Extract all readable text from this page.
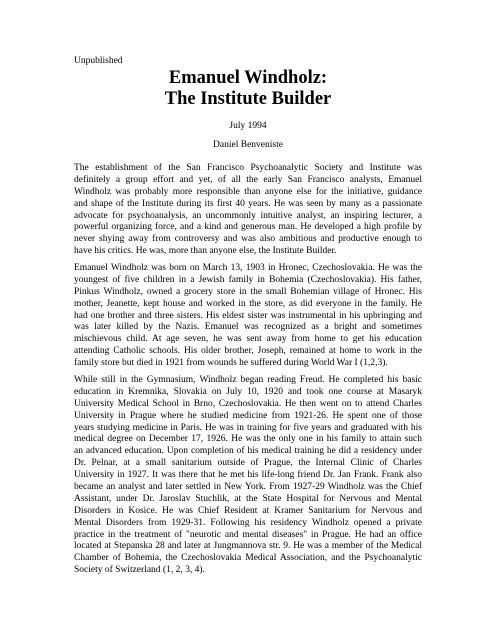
Unpublished
Emanuel Windholz:
The Institute Builder
July 1994
Daniel Benveniste
The establishment of the San Francisco Psychoanalytic Society and Institute was
definitely a group effort and yet, of all the early San Francisco analysts, Emanuel
Windholz was probably more responsible than anyone else for the initiative, guidance
and shape of the Institute during its first 40 years. He was seen by many as a passionate
advocate for psychoanalysis, an uncommonly intuitive analyst, an inspiring lecturer, a
powerful organizing force, and a kind and generous man. He developed a high profile by
never shying away from controversy and was also ambitious and productive enough to
have his critics. He was, more than anyone else, the Institute Builder.
Emanuel Windholz was born on March 13, 1903 in Hronec, Czechoslovakia. He was the
youngest of five children in a Jewish family in Bohemia (Czechoslovakia). His father,
Pinkus Windholz, owned a grocery store in the small Bohemian village of Hronec. His
mother, Jeanette, kept house and worked in the store, as did everyone in the family. He
had one brother and three sisters. His eldest sister was instrumental in his upbringing and
was later killed by the Nazis. Emanuel was recognized as a bright and sometimes
mischievous child. At age seven, he was sent away from home to get his education
attending Catholic schools. His older brother, Joseph, remained at home to work in the
family store but died in 1921 from wounds he suffered during World War I (1,2,3).
While still in the Gymnasium, Windholz began reading Freud. He completed his basic
education in Kremnika, Slovakia on July 10, 1920 and took one course at Masaryk
University Medical School in Brno, Czechoslovakia. He then went on to attend Charles
University in Prague where he studied medicine from 1921-26. He spent one of those
years studying medicine in Paris. He was in training for five years and graduated with his
medical degree on December 17, 1926. He was the only one in his family to attain such
an advanced education. Upon completion of his medical training he did a residency under
Dr. Pelnar, at a small sanitarium outside of Prague, the Internal Clinic of Charles
University in 1927. It was there that he met his life-long friend Dr. Jan Frank. Frank also
became an analyst and later settled in New York. From 1927-29 Windholz was the Chief
Assistant, under Dr. Jaroslav Stuchlik, at the State Hospital for Nervous and Mental
Disorders in Kosice. He was Chief Resident at Kramer Sanitarium for Nervous and
Mental Disorders from 1929-31. Following his residency Windholz opened a private
practice in the treatment of "neurotic and mental diseases" in Prague. He had an office
located at Stepanska 28 and later at Jungmannova str. 9. He was a member of the Medical
Chamber of Bohemia, the Czechoslovakia Medical Association, and the Psychoanalytic
Society of Switzerland (1, 2, 3, 4).
